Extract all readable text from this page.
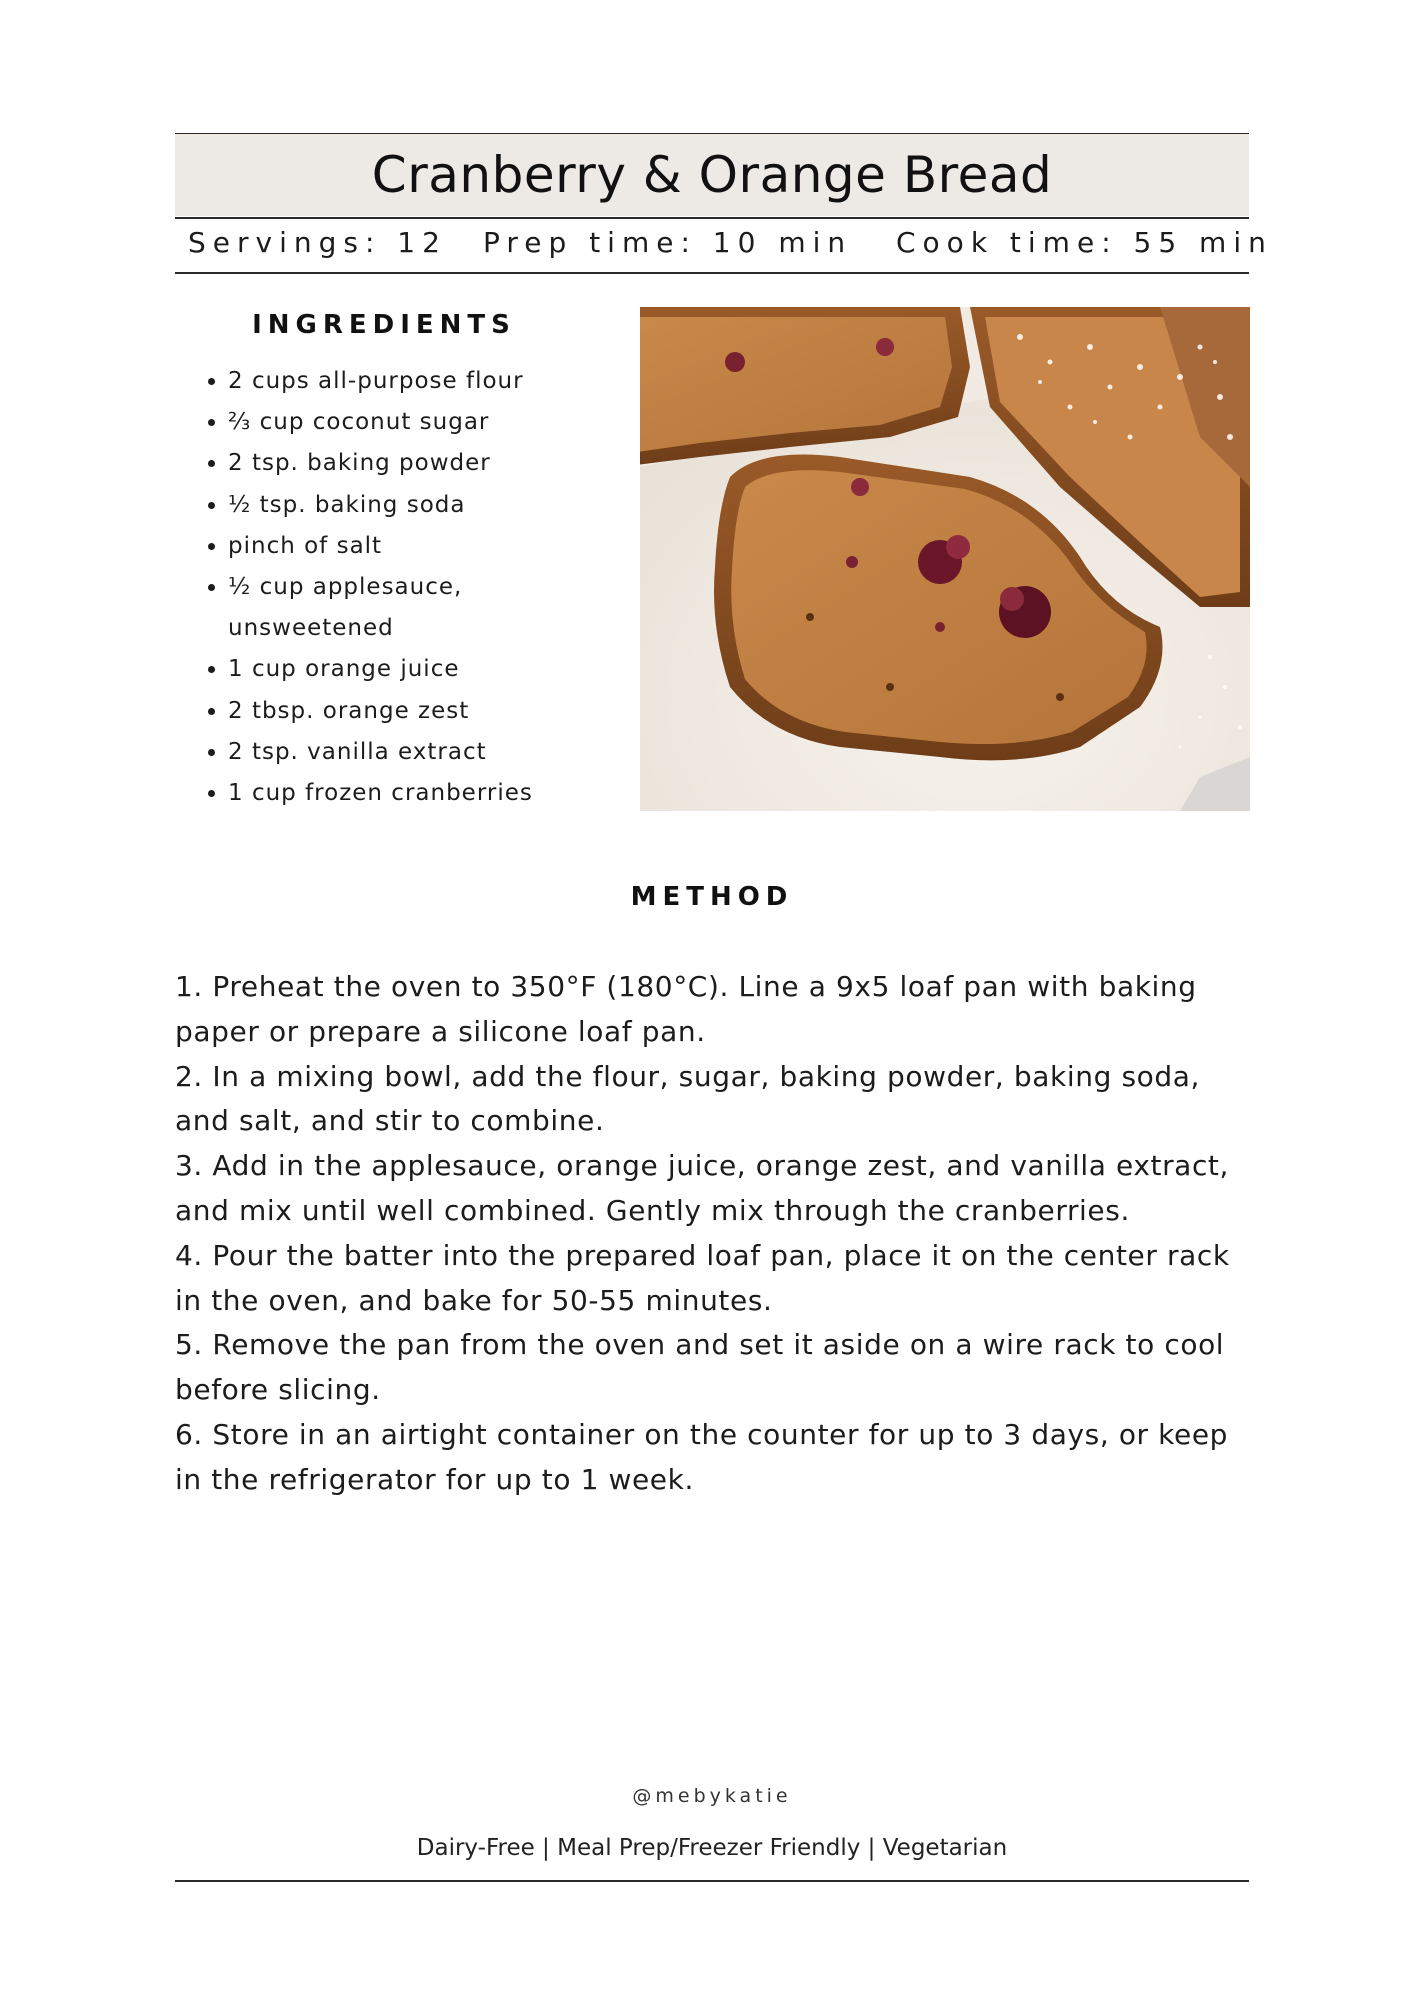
Cranberry & Orange Bread
Servings: 12 Prep time: 10 min Cook time: 55 min
INGREDIENTS
• 2 cups all-purpose flour
• ⅔ cup coconut sugar
• 2 tsp. baking powder
• ½ tsp. baking soda
• pinch of salt
• ½ cup applesauce, unsweetened
• 1 cup orange juice
• 2 tbsp. orange zest
• 2 tsp. vanilla extract
• 1 cup frozen cranberries
METHOD

1. Preheat the oven to 350°F (180°C). Line a 9x5 loaf pan with baking paper or prepare a silicone loaf pan.

2. In a mixing bowl, add the flour, sugar, baking powder, baking soda, and salt, and stir to combine.

3. Add in the applesauce, orange juice, orange zest, and vanilla extract, and mix until well combined. Gently mix through the cranberries.

4. Pour the batter into the prepared loaf pan, place it on the center rack in the oven, and bake for 50-55 minutes.

5. Remove the pan from the oven and set it aside on a wire rack to cool before slicing.

6. Store in an airtight container on the counter for up to 3 days, or keep in the refrigerator for up to 1 week.

@mebykatie
Dairy-Free | Meal Prep/Freezer Friendly | Vegetarian
